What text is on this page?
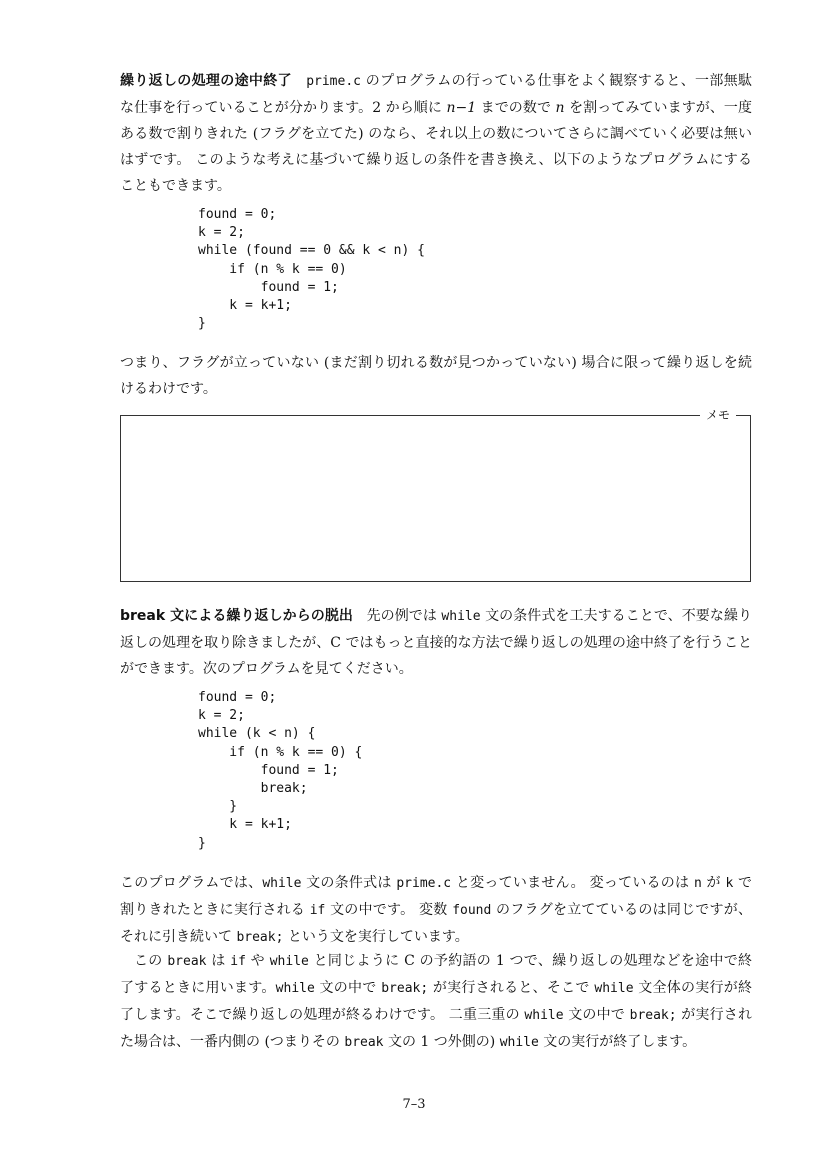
繰り返しの処理の途中終了 prime.c のプログラムの行っている仕事をよく観察すると、一部無駄な仕事を行っていることが分かります。2 から順に n−1 までの数で n を割ってみていますが、一度ある数で割りきれた (フラグを立てた) のなら、それ以上の数についてさらに調べていく必要は無いはずです。 このような考えに基づいて繰り返しの条件を書き換え、以下のようなプログラムにすることもできます。

found = 0;
k = 2;
while (found == 0 && k < n) {
if (n % k == 0)
found = 1;
k = k+1;
}

つまり、フラグが立っていない (まだ割り切れる数が見つかっていない) 場合に限って繰り返しを続けるわけです。

break 文による繰り返しからの脱出 先の例では while 文の条件式を工夫することで、不要な繰り返しの処理を取り除きましたが、C ではもっと直接的な方法で繰り返しの処理の途中終了を行うことができます。次のプログラムを見てください。

found = 0;
k = 2;
while (k < n) {
if (n % k == 0) {
found = 1;
break;
}
k = k+1;
}

このプログラムでは、while 文の条件式は prime.c と変っていません。 変っているのは n が k で割りきれたときに実行される if 文の中です。 変数 found のフラグを立てているのは同じですが、それに引き続いて break; という文を実行しています。

この break は if や while と同じように C の予約語の 1 つで、繰り返しの処理などを途中で終了するときに用います。while 文の中で break; が実行されると、そこで while 文全体の実行が終了します。そこで繰り返しの処理が終るわけです。 二重三重の while 文の中で break; が実行された場合は、一番内側の (つまりその break 文の 1 つ外側の) while 文の実行が終了します。

メモ
7–3
